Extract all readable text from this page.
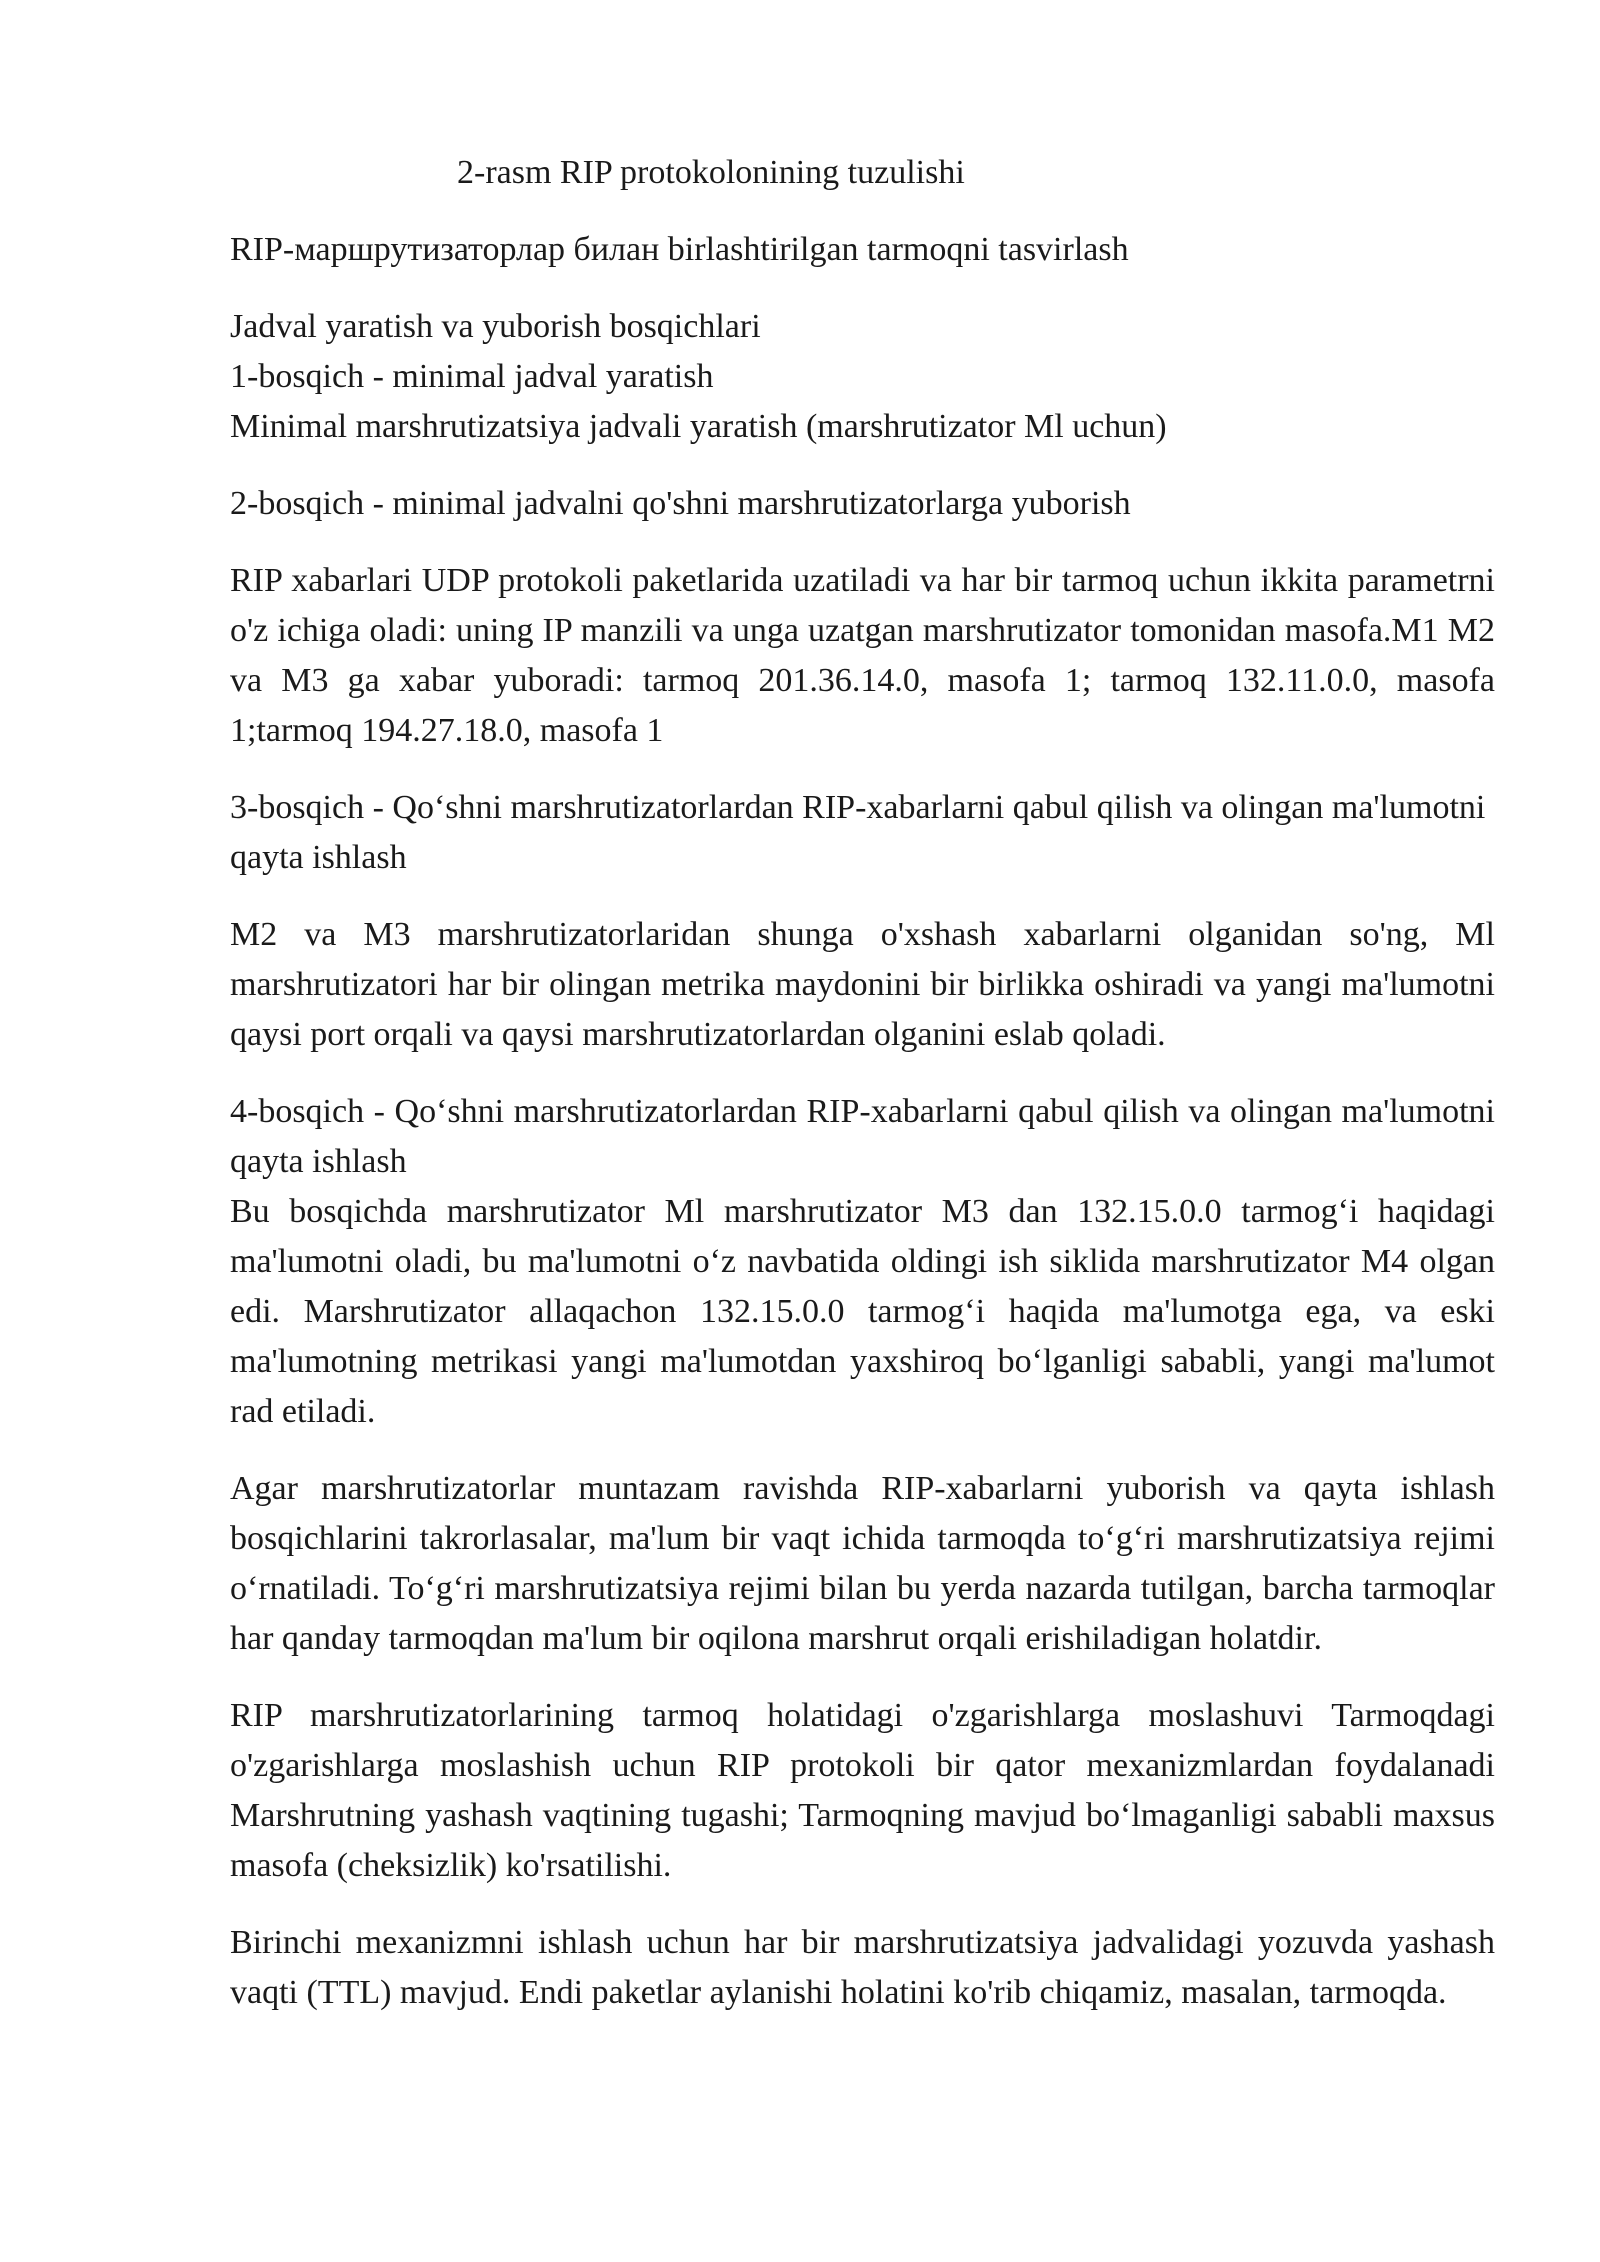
2-rasm RIP protokolonining tuzulishi

RIP-маршрутизаторлар билан birlashtirilgan tarmoqni tasvirlash

Jadval yaratish va yuborish bosqichlari
1-bosqich - minimal jadval yaratish
Minimal marshrutizatsiya jadvali yaratish (marshrutizator Ml uchun)

2-bosqich - minimal jadvalni qo'shni marshrutizatorlarga yuborish

RIP xabarlari UDP protokoli paketlarida uzatiladi va har bir tarmoq uchun ikkita parametrni o'z ichiga oladi: uning IP manzili va unga uzatgan marshrutizator tomonidan masofa.M1 M2 va M3 ga xabar yuboradi: tarmoq 201.36.14.0, masofa 1; tarmoq 132.11.0.0, masofa 1;tarmoq 194.27.18.0, masofa 1

3-bosqich - Qo‘shni marshrutizatorlardan RIP-xabarlarni qabul qilish va olingan ma'lumotni qayta ishlash

M2 va M3 marshrutizatorlaridan shunga o'xshash xabarlarni olganidan so'ng, Ml marshrutizatori har bir olingan metrika maydonini bir birlikka oshiradi va yangi ma'lumotni qaysi port orqali va qaysi marshrutizatorlardan olganini eslab qoladi.

4-bosqich - Qo‘shni marshrutizatorlardan RIP-xabarlarni qabul qilish va olingan ma'lumotni qayta ishlash
Bu bosqichda marshrutizator Ml marshrutizator M3 dan 132.15.0.0 tarmog‘i haqidagi ma'lumotni oladi, bu ma'lumotni o‘z navbatida oldingi ish siklida marshrutizator M4 olgan edi. Marshrutizator allaqachon 132.15.0.0 tarmog‘i haqida ma'lumotga ega, va eski ma'lumotning metrikasi yangi ma'lumotdan yaxshiroq bo‘lganligi sababli, yangi ma'lumot rad etiladi.

Agar marshrutizatorlar muntazam ravishda RIP-xabarlarni yuborish va qayta ishlash bosqichlarini takrorlasalar, ma'lum bir vaqt ichida tarmoqda to‘g‘ri marshrutizatsiya rejimi o‘rnatiladi. To‘g‘ri marshrutizatsiya rejimi bilan bu yerda nazarda tutilgan, barcha tarmoqlar har qanday tarmoqdan ma'lum bir oqilona marshrut orqali erishiladigan holatdir.

RIP marshrutizatorlarining tarmoq holatidagi o'zgarishlarga moslashuvi Tarmoqdagi o'zgarishlarga moslashish uchun RIP protokoli bir qator mexanizmlardan foydalanadi Marshrutning yashash vaqtining tugashi; Tarmoqning mavjud bo‘lmaganligi sababli maxsus masofa (cheksizlik) ko'rsatilishi.

Birinchi mexanizmni ishlash uchun har bir marshrutizatsiya jadvalidagi yozuvda yashash vaqti (TTL) mavjud. Endi paketlar aylanishi holatini ko'rib chiqamiz, masalan, tarmoqda.
